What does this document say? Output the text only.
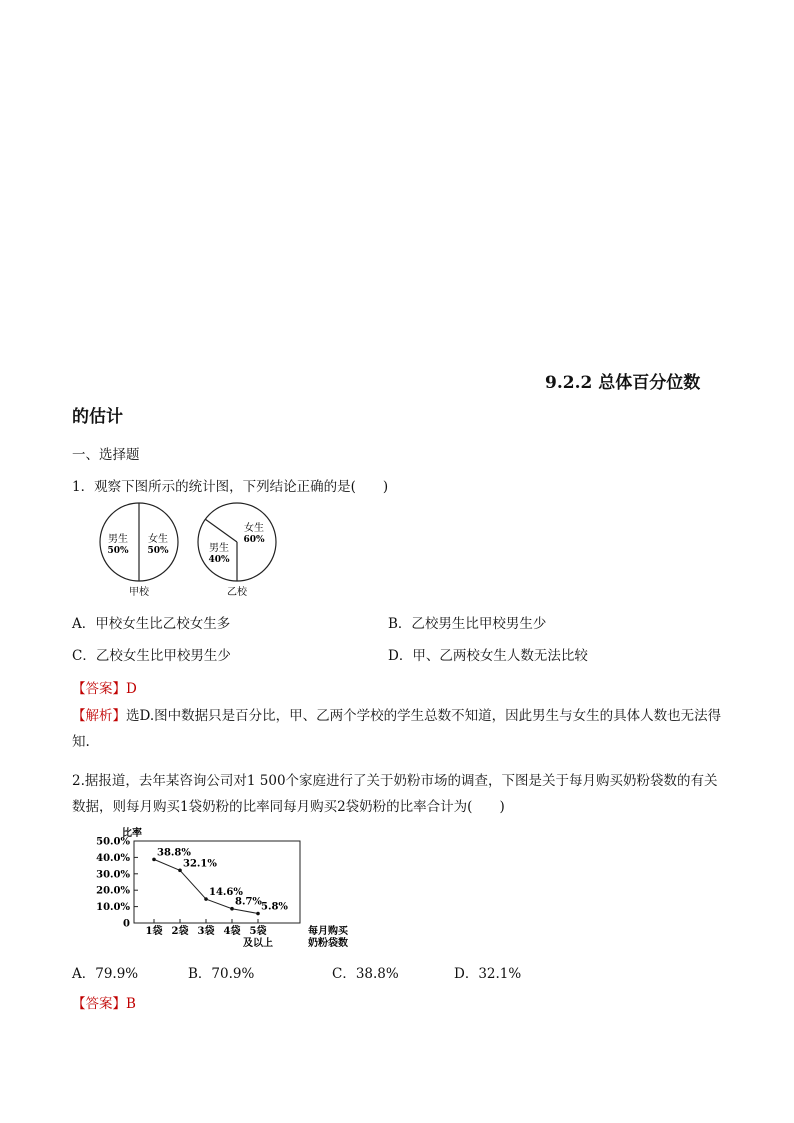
9.2.2 总体百分位数
的估计
一、选择题
1．观察下图所示的统计图，下列结论正确的是(　　)
男生
50%
女生
50%
甲校
男生
40%
女生
60%
乙校
A．甲校女生比乙校女生多	B．乙校男生比甲校男生少
C．乙校女生比甲校男生少	D．甲、乙两校女生人数无法比较
【答案】D
【解析】选D.图中数据只是百分比，甲、乙两个学校的学生总数不知道，因此男生与女生的具体人数也无法得知.
2.据报道，去年某咨询公司对1 500个家庭进行了关于奶粉市场的调查，下图是关于每月购买奶粉袋数的有关数据，则每月购买1袋奶粉的比率同每月购买2袋奶粉的比率合计为(　　)
比率
0
10.0%
20.0%
30.0%
40.0%
50.0%
1袋 2袋 3袋 4袋 5袋
及以上
38.8%
32.1%
14.6%
8.7% 5.8%
每月购买
奶粉袋数
A．79.9%	B．70.9%	C．38.8%	D．32.1%
【答案】B
